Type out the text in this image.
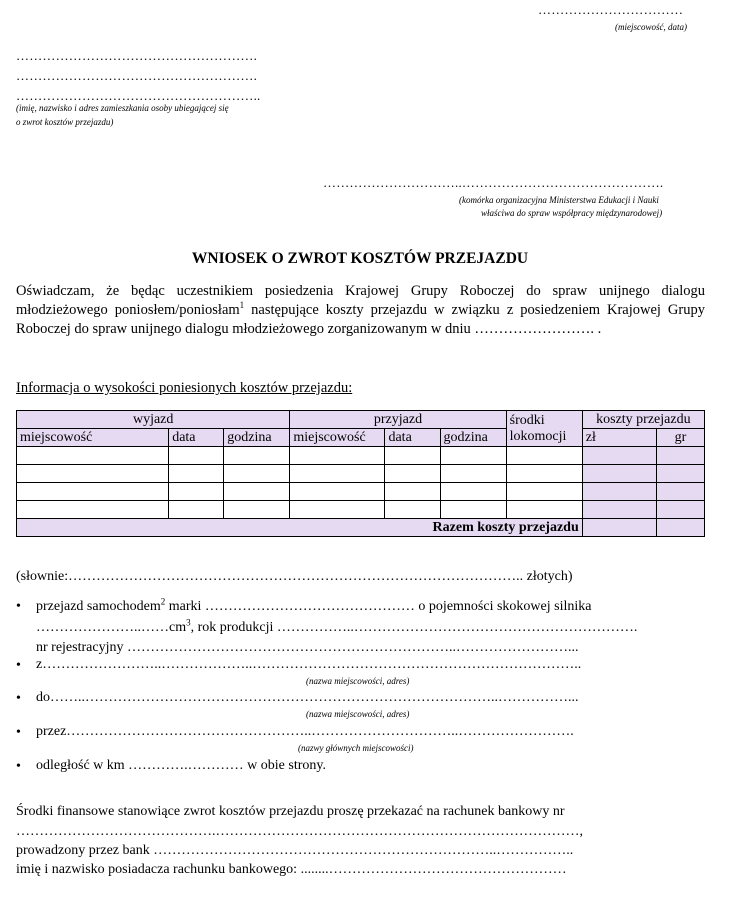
……………………………
(miejscowość, data)
……………………………………………….
……………………………………………….
………………………………………………..
(imię, nazwisko i adres zamieszkania osoby ubiegającej się
o zwrot kosztów przejazdu)
…………………………..……………………………………….
(komórka organizacyjna Ministerstwa Edukacji i Nauki
właściwa do spraw współpracy międzynarodowej)
WNIOSEK O ZWROT KOSZTÓW PRZEJAZDU
Oświadczam, że będąc uczestnikiem posiedzenia Krajowej Grupy Roboczej do spraw unijnego dialogu młodzieżowego poniosłem/poniosłam$^1$ następujące koszty przejazdu w związku z posiedzeniem Krajowej Grupy Roboczej do spraw unijnego dialogu młodzieżowego zorganizowanym w dniu ……………………. .
Informacja o wysokości poniesionych kosztów przejazdu:
wyjazd			przyjazd			środki lokomocji	koszty przejazdu	
miejscowość	data	godzina	miejscowość	data	godzina		zł	gr

Razem koszty przejazdu								
(słownie:…………………………………………………………………………………….. złotych)
• przejazd samochodem$^2$ marki ……………………………………… o pojemności skokowej silnika
$\dots\dots\dots\dots\dots\dots\dots..\dots\dots cm^3$, rok produkcji ……………..…………………………………………………….
nr rejestracyjny ……………………………………………………………..……………………...
• z……………………..………………..……………………………………………………………..
(nazwa miejscowości, adres)
• do……..……………………………………………………………………………..……………...
(nazwa miejscowości, adres)
• przez……………………………………………..…………………………..…………………….
(nazwy głównych miejscowości)
• odległość w km ………….………… w obie strony.
Środki finansowe stanowiące zwrot kosztów przejazdu proszę przekazać na rachunek bankowy nr
…………………………………….……………………………………………………………………,
prowadzony przez bank ………………………………………………………………..……………..
imię i nazwisko posiadacza rachunku bankowego: ........……………………………………………
